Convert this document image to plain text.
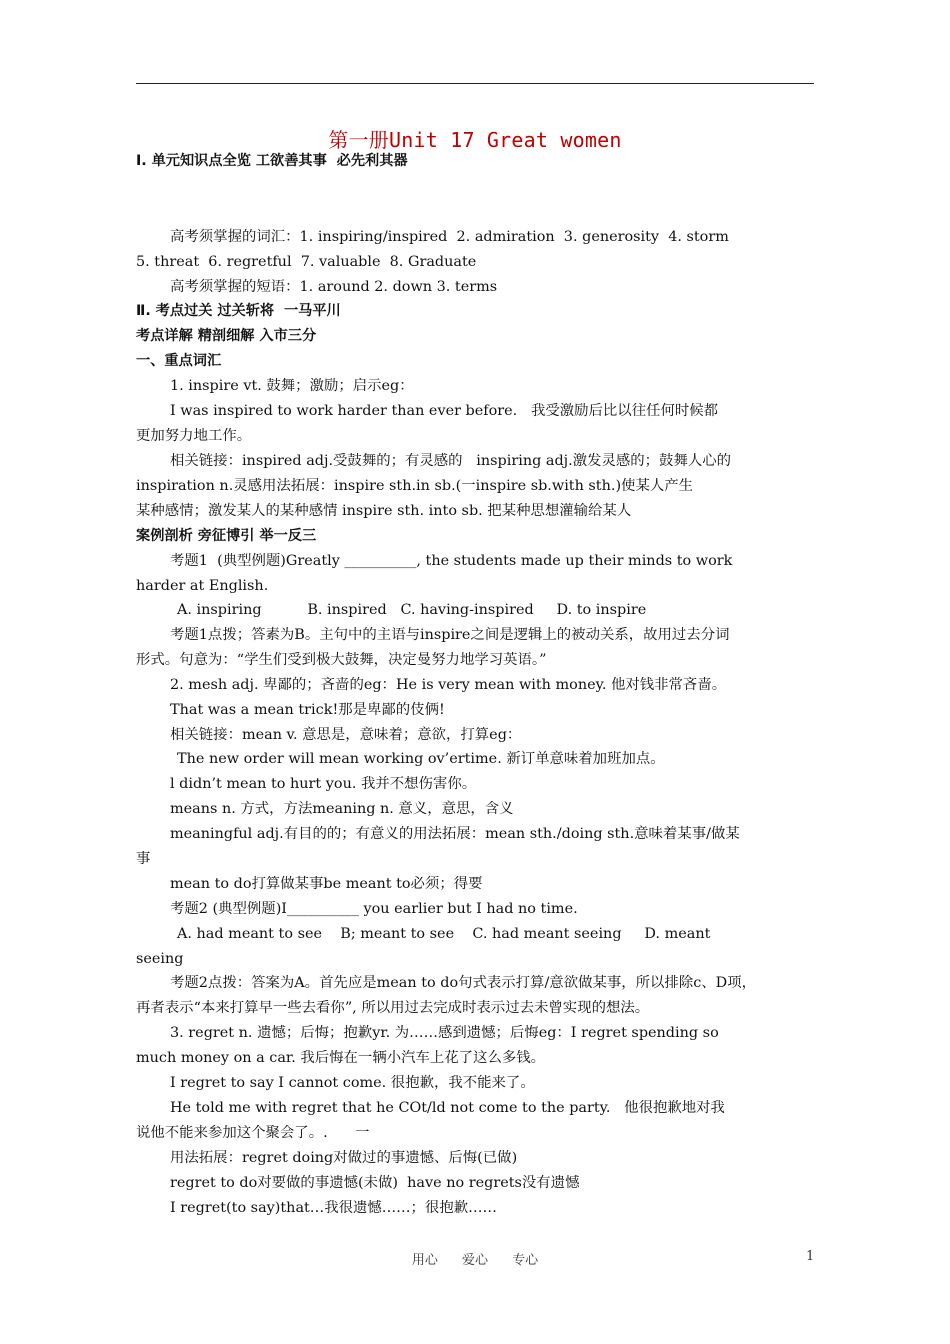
第一册Unit 17 Great women
Ⅰ. 单元知识点全览 工欲善其事  必先利其器
高考须掌握的词汇：1. inspiring/inspired  2. admiration  3. generosity  4. storm
5. threat  6. regretful  7. valuable  8. Graduate
高考须掌握的短语：1. around 2. down 3. terms
Ⅱ. 考点过关 过关斩将  一马平川
考点详解 精剖细解 入市三分
一、重点词汇
1. inspire vt. 鼓舞；激励；启示eg：
I was inspired to work harder than ever before.   我受激励后比以往任何时候都
更加努力地工作。
相关链接：inspired adj.受鼓舞的；有灵感的   inspiring adj.激发灵感的；鼓舞人心的
inspiration n.灵感用法拓展：inspire sth.in sb.(一inspire sb.with sth.)使某人产生
某种感情；激发某人的某种感情 inspire sth. into sb. 把某种思想灌输给某人
案例剖析 旁征博引 举一反三
考题1  (典型例题)Greatly __________, the students made up their minds to work
harder at English.
A. inspiring          B. inspired   C. having-inspired     D. to inspire
考题1点拨；答素为B。主句中的主语与inspire之间是逻辑上的被动关系，故用过去分词
形式。句意为：“学生们受到极大鼓舞，决定曼努力地学习英语。”
2. mesh adj. 卑鄙的；吝啬的eg：He is very mean with money. 他对钱非常吝啬。
That was a mean trick!那是卑鄙的伎俩!
相关链接：mean v. 意思是，意味着；意欲，打算eg：
The new order will mean working ov’ertime. 新订单意味着加班加点。
l didn’t mean to hurt you. 我并不想伤害你。
means n. 方式，方法meaning n. 意义，意思，含义
meaningful adj.有目的的；有意义的用法拓展：mean sth./doing sth.意味着某事/做某
事
mean to do打算做某事be meant to必须；得要
考题2 (典型例题)I__________ you earlier but I had no time.
A. had meant to see    B; meant to see    C. had meant seeing     D. meant
seeing
考题2点拨：答案为A。首先应是mean to do句式表示打算/意欲做某事，所以排除c、D项，
再者表示“本来打算早一些去看你”, 所以用过去完成时表示过去未曾实现的想法。
3. regret n. 遗憾；后悔；抱歉yr. 为……感到遗憾；后悔eg：I regret spending so
much money on a car. 我后悔在一辆小汽车上花了这么多钱。
I regret to say I cannot come. 很抱歉，我不能来了。
He told me with regret that he COt/ld not come to the party.   他很抱歉地对我
说他不能来参加这个聚会了。.      一
用法拓展：regret doing对做过的事遗憾、后悔(已做)
regret to do对要做的事遗憾(未做)  have no regrets没有遗憾
I regret(to say)that…我很遗憾……；很抱歉……
用心 爱心 专心	1
